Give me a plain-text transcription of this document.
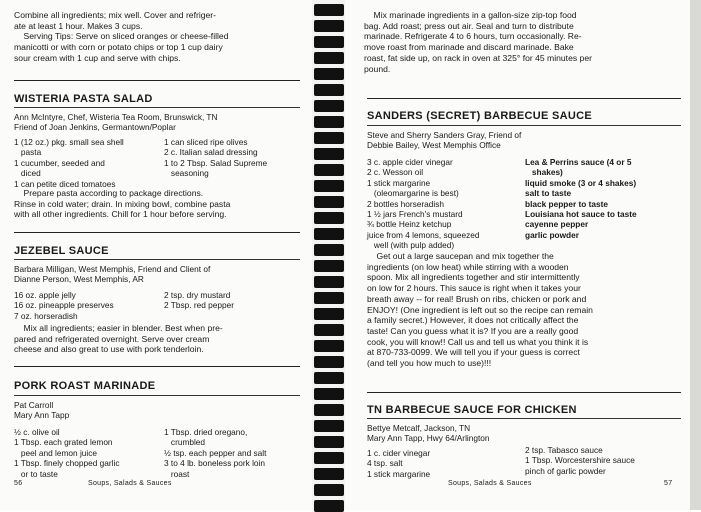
Combine all ingredients; mix well. Cover and refriger-
ate at least 1 hour. Makes 3 cups.
Serving Tips: Serve on sliced oranges or cheese-filled
manicotti or with corn or potato chips or top 1 cup dairy
sour cream with 1 cup and serve with chips.
WISTERIA PASTA SALAD
Ann McIntyre, Chef, Wisteria Tea Room, Brunswick, TN
Friend of Joan Jenkins, Germantown/Poplar
1 (12 oz.) pkg. small sea shell
pasta
1 cucumber, seeded and
diced
1 can petite diced tomatoes
1 can sliced ripe olives
2 c. Italian salad dressing
1 to 2 Tbsp. Salad Supreme
seasoning
Prepare pasta according to package directions.
Rinse in cold water; drain. In mixing bowl, combine pasta
with all other ingredients. Chill for 1 hour before serving.
JEZEBEL SAUCE
Barbara Milligan, West Memphis, Friend and Client of
Dianne Person, West Memphis, AR
16 oz. apple jelly
16 oz. pineapple preserves
7 oz. horseradish
2 tsp. dry mustard
2 Tbsp. red pepper
Mix all ingredients; easier in blender. Best when pre-
pared and refrigerated overnight. Serve over cream
cheese and also great to use with pork tenderloin.
PORK ROAST MARINADE
Pat Carroll
Mary Ann Tapp
½ c. olive oil
1 Tbsp. each grated lemon
peel and lemon juice
1 Tbsp. finely chopped garlic
or to taste
1 Tbsp. dried oregano,
crumbled
½ tsp. each pepper and salt
3 to 4 lb. boneless pork loin
roast
56	Soups, Salads & Sauces
Mix marinade ingredients in a gallon-size zip-top food
bag. Add roast; press out air. Seal and turn to distribute
marinade. Refrigerate 4 to 6 hours, turn occasionally. Re-
move roast from marinade and discard marinade. Bake
roast, fat side up, on rack in oven at 325° for 45 minutes per
pound.
SANDERS (SECRET) BARBECUE SAUCE
Steve and Sherry Sanders Gray, Friend of
Debbie Bailey, West Memphis Office
3 c. apple cider vinegar
2 c. Wesson oil
1 stick margarine
(oleomargarine is best)
2 bottles horseradish
1 ½ jars French's mustard
¾ bottle Heinz ketchup
juice from 4 lemons, squeezed
well (with pulp added)
Lea & Perrins sauce (4 or 5
shakes)
liquid smoke (3 or 4 shakes)
salt to taste
black pepper to taste
Louisiana hot sauce to taste
cayenne pepper
garlic powder
Get out a large saucepan and mix together the
ingredients (on low heat) while stirring with a wooden
spoon. Mix all ingredients together and stir intermittently
on low for 2 hours. This sauce is right when it takes your
breath away -- for real! Brush on ribs, chicken or pork and
ENJOY! (One ingredient is left out so the recipe can remain
a family secret.) However, it does not critically affect the
taste! Can you guess what it is? If you are a really good
cook, you will know!! Call us and tell us what you think it is
at 870-733-0099. We will tell you if your guess is correct
(and tell you how much to use)!!!
TN BARBECUE SAUCE FOR CHICKEN
Bettye Metcalf, Jackson, TN
Mary Ann Tapp, Hwy 64/Arlington
1 c. cider vinegar
4 tsp. salt
1 stick margarine
2 tsp. Tabasco sauce
1 Tbsp. Worcestershire sauce
pinch of garlic powder
Soups, Salads & Sauces	57
